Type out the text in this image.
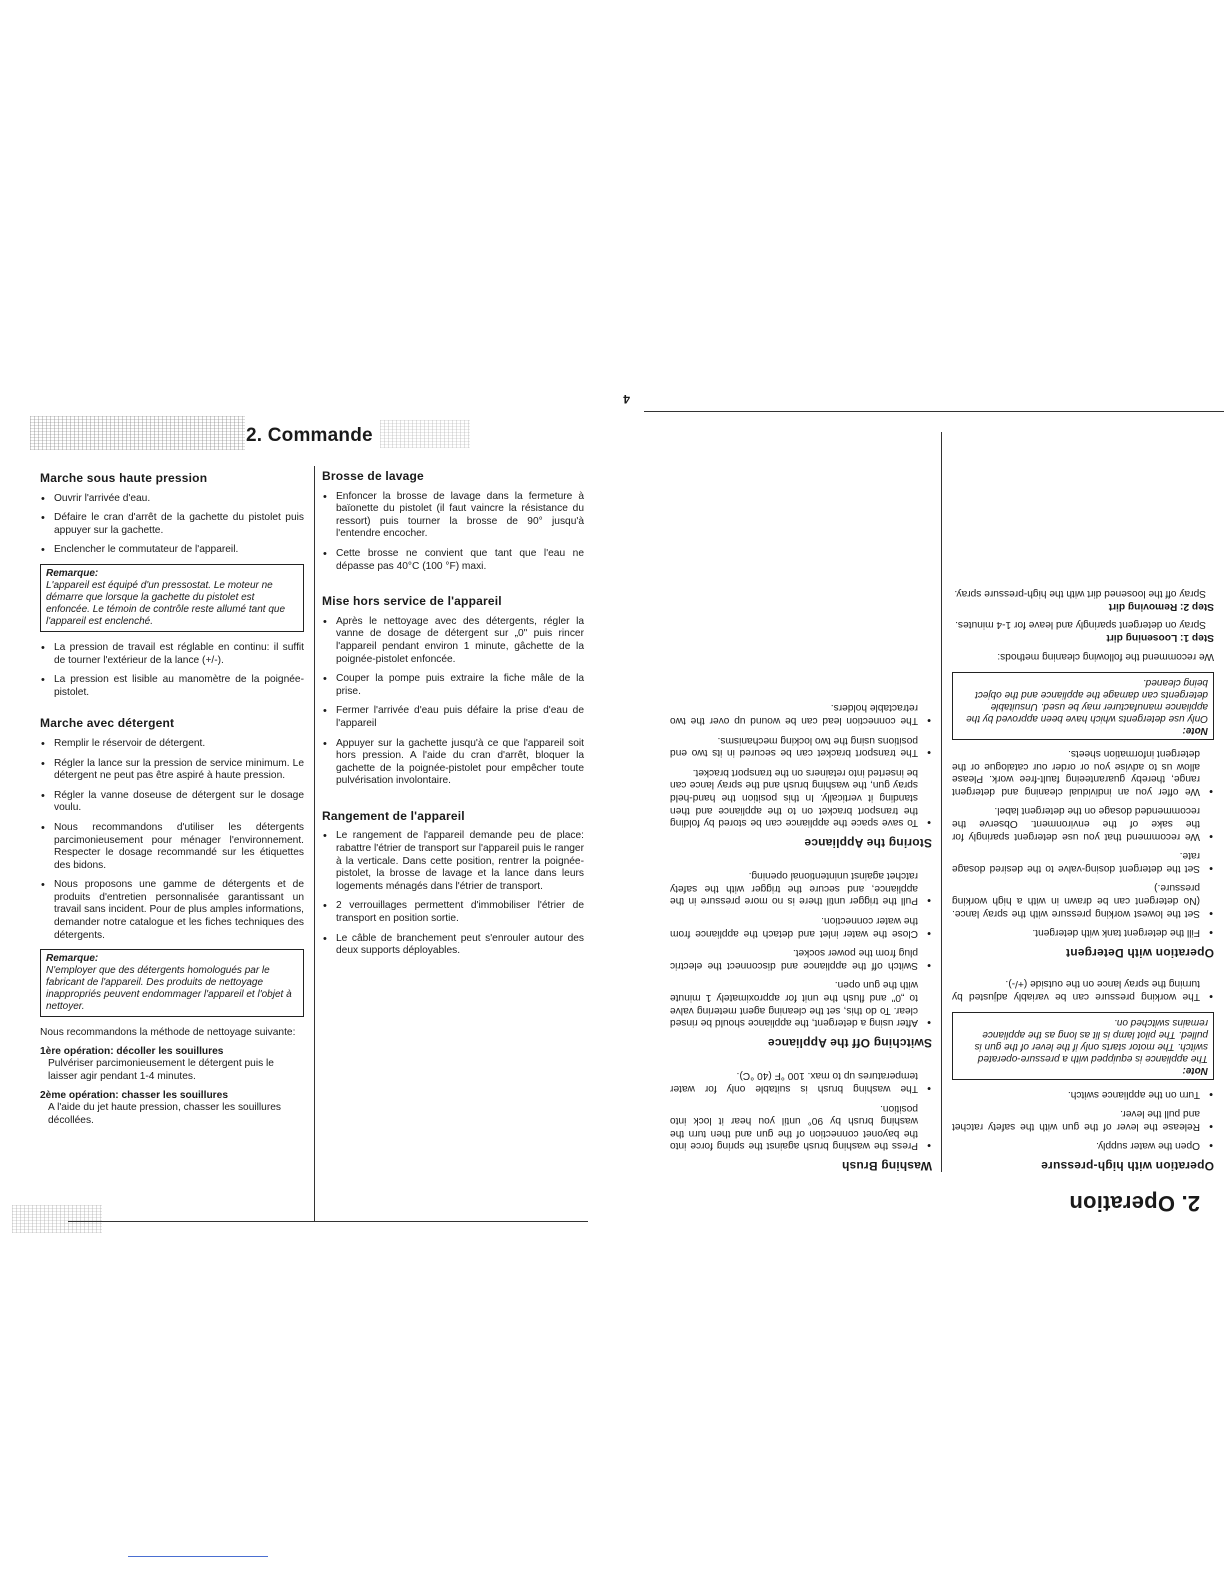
2. Commande
Marche sous haute pression
• Ouvrir l'arrivée d'eau.
• Défaire le cran d'arrêt de la gachette du pistolet puis appuyer sur la gachette.
• Enclencher le commutateur de l'appareil.
Remarque:
L'appareil est équipé d'un pressostat. Le moteur ne démarre que lorsque la gachette du pistolet est enfoncée. Le témoin de contrôle reste allumé tant que l'appareil est enclenché.
• La pression de travail est réglable en continu: il suffit de tourner l'extérieur de la lance (+/-).
• La pression est lisible au manomètre de la poignée-pistolet.
Marche avec détergent
• Remplir le réservoir de détergent.
• Régler la lance sur la pression de service minimum. Le détergent ne peut pas être aspiré à haute pression.
• Régler la vanne doseuse de détergent sur le dosage voulu.
• Nous recommandons d'utiliser les détergents parcimonieusement pour ménager l'environnement. Respecter le dosage recommandé sur les étiquettes des bidons.
• Nous proposons une gamme de détergents et de produits d'entretien personnalisée garantissant un travail sans incident. Pour de plus amples informations, demander notre catalogue et les fiches techniques des détergents.
Remarque:
N'employer que des détergents homologués par le fabricant de l'appareil. Des produits de nettoyage inappropriés peuvent endommager l'appareil et l'objet à nettoyer.
Nous recommandons la méthode de nettoyage suivante:
1ère opération: décoller les souillures
Pulvériser parcimonieusement le détergent puis le laisser agir pendant 1-4 minutes.
2ème opération: chasser les souillures
A l'aide du jet haute pression, chasser les souillures décollées.
Brosse de lavage
• Enfoncer la brosse de lavage dans la fermeture à baïonette du pistolet (il faut vaincre la résistance du ressort) puis tourner la brosse de 90° jusqu'à l'entendre encocher.
• Cette brosse ne convient que tant que l'eau ne dépasse pas 40°C (100 °F) maxi.
Mise hors service de l'appareil
• Après le nettoyage avec des détergents, régler la vanne de dosage de détergent sur „0" puis rincer l'appareil pendant environ 1 minute, gâchette de la poignée-pistolet enfoncée.
• Couper la pompe puis extraire la fiche mâle de la prise.
• Fermer l'arrivée d'eau puis défaire la prise d'eau de l'appareil
• Appuyer sur la gachette jusqu'à ce que l'appareil soit hors pression. A l'aide du cran d'arrêt, bloquer la gachette de la poignée-pistolet pour empêcher toute pulvérisation involontaire.
Rangement de l'appareil
• Le rangement de l'appareil demande peu de place: rabattre l'étrier de transport sur l'appareil puis le ranger à la verticale. Dans cette position, rentrer la poignée-pistolet, la brosse de lavage et la lance dans leurs logements ménagés dans l'étrier de transport.
• 2 verrouillages permettent d'immobiliser l'étrier de transport en position sortie.
• Le câble de branchement peut s'enrouler autour des deux supports déployables.
4
2. Operation
Operation with high-pressure
• Open the water supply.
• Release the lever of the gun with the safety ratchet and pull the lever.
• Turn on the appliance switch.
Note:
The appliance is equipped with a pressure-operated switch. The motor starts only if the lever of the gun is pulled. The pilot lamp is lit as long as the appliance remains switched on.
• The working pressure can be variably adjusted by turning the spray lance on the outside (+/-).
Operation with Detergent
• Fill the detergent tank with detergent.
• Set the lowest working pressure with the spray lance. (No detergent can be drawn in with a high working pressure.)
• Set the detergent dosing-valve to the desired dosage rate.
• We recommend that you use detergent sparingly for the sake of the environment. Observe the recommended dosage on the detergent label.
• We offer you an individual cleaning and detergent range, thereby guaranteeing fault-free work. Please allow us to advise you or order our catalogue or the detergent information sheets.
Note:
Only use detergents which have been approved by the appliance manufacturer may be used. Unsuitable detergents can damage the appliance and the object being cleaned.
We recommend the following cleaning methods:
Step 1: Loosening dirt
Spray on detergent sparingly and leave for 1-4 minutes.
Step 2: Removing dirt
Spray off the loosened dirt with the high-pressure spray.
Washing Brush
• Press the washing brush against the spring force into the bayonet connection of the gun and then turn the washing brush by 90° until you hear it lock into position.
• The washing brush is suitable only for water temperatures up to max. 100 °F (40 °C).
Switching Off the Appliance
• After using a detergent, the appliance should be rinsed clear. To do this, set the cleaning agent metering valve to „0" and flush the unit for approximately 1 minute with the gun open.
• Switch off the appliance and disconnect the electric plug from the power socket.
• Close the water inlet and detach the appliance from the water connection.
• Pull the trigger until there is no more pressure in the appliance, and secure the trigger with the safety ratchet against unintentional opening.
Storing the Appliance
• To save space the appliance can be stored by folding the transport bracket on to the appliance and then standing it vertically. In this position the hand-held spray gun, the washing brush and the spray lance can be inserted into retainers on the transport bracket.
• The transport bracket can be secured in its two end positions using the two locking mechanisms.
• The connection lead can be wound up over the two retractable holders.
